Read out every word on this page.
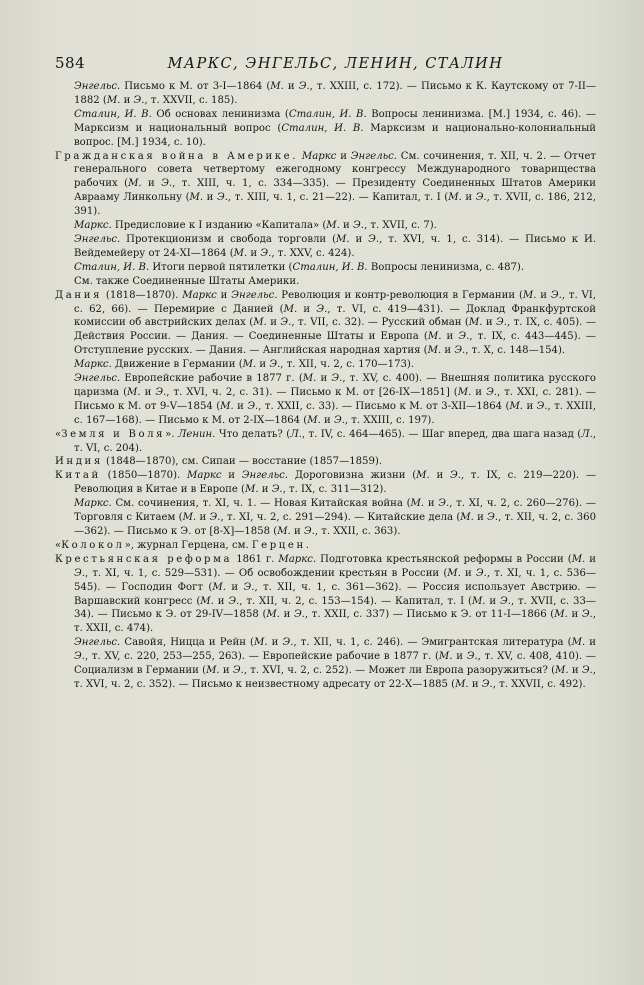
584	МАРКС, ЭНГЕЛЬС, ЛЕНИН, СТАЛИН

Энгельс. Письмо к М. от 3-I—1864 (М. и Э., т. XXIII, с. 172). — Письмо к К. Каутскому от 7-II—1882 (М. и Э., т. XXVII, с. 185).

Сталин, И. В. Об основах ленинизма (Сталин, И. В. Вопросы ленинизма. [М.] 1934, с. 46). — Марксизм и национальный вопрос (Сталин, И. В. Марксизм и национально-колониальный вопрос. [М.] 1934, с. 10).

Гражданская война в Америке. Маркс и Энгельс. См. сочинения, т. XII, ч. 2. — Отчет генерального совета четвертому ежегодному конгрессу Международного товарищества рабочих (М. и Э., т. XIII, ч. 1, с. 334—335). — Президенту Соединенных Штатов Америки Аврааму Линкольну (М. и Э., т. XIII, ч. 1, с. 21—22). — Капитал, т. I (М. и Э., т. XVII, с. 186, 212, 391).

Маркс. Предисловие к I изданию «Капитала» (М. и Э., т. XVII, с. 7).

Энгельс. Протекционизм и свобода торговли (М. и Э., т. XVI, ч. 1, с. 314). — Письмо к И. Вейдемейеру от 24-XI—1864 (М. и Э., т. XXV, с. 424).

Сталин, И. В. Итоги первой пятилетки (Сталин, И. В. Вопросы ленинизма, с. 487).

См. также Соединенные Штаты Америки.

Дания (1818—1870). Маркс и Энгельс. Революция и контр-революция в Германии (М. и Э., т. VI, с. 62, 66). — Перемирие с Данией (М. и Э., т. VI, с. 419—431). — Доклад Франкфуртской комиссии об австрийских делах (М. и Э., т. VII, с. 32). — Русский обман (М. и Э., т. IX, с. 405). — Действия России. — Дания. — Соединенные Штаты и Европа (М. и Э., т. IX, с. 443—445). — Отступление русских. — Дания. — Английская народная хартия (М. и Э., т. X, с. 148—154).

Маркс. Движение в Германии (М. и Э., т. XII, ч. 2, с. 170—173).

Энгельс. Европейские рабочие в 1877 г. (М. и Э., т. XV, с. 400). — Внешняя политика русского царизма (М. и Э., т. XVI, ч. 2, с. 31). — Письмо к М. от [26-IX—1851] (М. и Э., т. XXI, с. 281). — Письмо к М. от 9-V—1854 (М. и Э., т. XXII, с. 33). — Письмо к М. от 3-XII—1864 (М. и Э., т. XXIII, с. 167—168). — Письмо к М. от 2-IX—1864 (М. и Э., т. XXIII, с. 197).

«Земля и Воля». Ленин. Что делать? (Л., т. IV, с. 464—465). — Шаг вперед, два шага назад (Л., т. VI, с. 204).

Индия (1848—1870), см. Сипаи — восстание (1857—1859).

Китай (1850—1870). Маркс и Энгельс. Дороговизна жизни (М. и Э., т. IX, с. 219—220). — Революция в Китае и в Европе (М. и Э., т. IX, с. 311—312).

Маркс. См. сочинения, т. XI, ч. 1. — Новая Китайская война (М. и Э., т. XI, ч. 2, с. 260—276). — Торговля с Китаем (М. и Э., т. XI, ч. 2, с. 291—294). — Китайские дела (М. и Э., т. XII, ч. 2, с. 360—362). — Письмо к Э. от [8-X]—1858 (М. и Э., т. XXII, с. 363).

«Колокол», журнал Герцена, см. Герцен.

Крестьянская реформа 1861 г. Маркс. Подготовка крестьянской реформы в России (М. и Э., т. XI, ч. 1, с. 529—531). — Об освобождении крестьян в России (М. и Э., т. XI, ч. 1, с. 536—545). — Господин Фогт (М. и Э., т. XII, ч. 1, с. 361—362). — Россия использует Австрию. — Варшавский конгресс (М. и Э., т. XII, ч. 2, с. 153—154). — Капитал, т. I (М. и Э., т. XVII, с. 33—34). — Письмо к Э. от 29-IV—1858 (М. и Э., т. XXII, с. 337) — Письмо к Э. от 11-I—1866 (М. и Э., т. XXII, с. 474).

Энгельс. Савойя, Ницца и Рейн (М. и Э., т. XII, ч. 1, с. 246). — Эмигрантская литература (М. и Э., т. XV, с. 220, 253—255, 263). — Европейские рабочие в 1877 г. (М. и Э., т. XV, с. 408, 410). — Социализм в Германии (М. и Э., т. XVI, ч. 2, с. 252). — Может ли Европа разоружиться? (М. и Э., т. XVI, ч. 2, с. 352). — Письмо к неизвестному адресату от 22-X—1885 (М. и Э., т. XXVII, с. 492).
